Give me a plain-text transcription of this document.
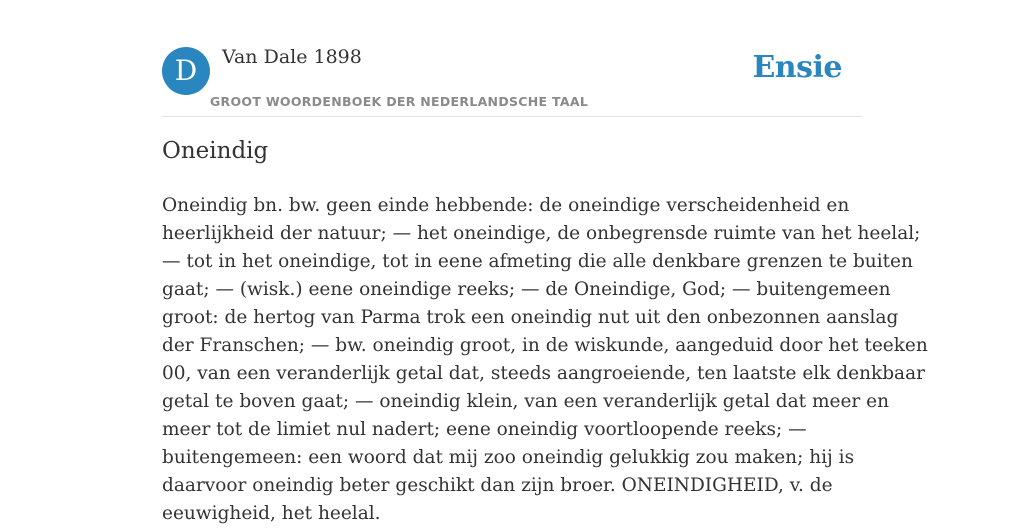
D	Van Dale 1898
GROOT WOORDENBOEK DER NEDERLANDSCHE TAAL
Ensie
Oneindig
Oneindig bn. bw. geen einde hebbende: de oneindige verscheidenheid en
heerlijkheid der natuur; — het oneindige, de onbegrensde ruimte van het heelal;
— tot in het oneindige, tot in eene afmeting die alle denkbare grenzen te buiten
gaat; — (wisk.) eene oneindige reeks; — de Oneindige, God; — buitengemeen
groot: de hertog van Parma trok een oneindig nut uit den onbezonnen aanslag
der Franschen; — bw. oneindig groot, in de wiskunde, aangeduid door het teeken
00, van een veranderlijk getal dat, steeds aangroeiende, ten laatste elk denkbaar
getal te boven gaat; — oneindig klein, van een veranderlijk getal dat meer en
meer tot de limiet nul nadert; eene oneindig voortloopende reeks; —
buitengemeen: een woord dat mij zoo oneindig gelukkig zou maken; hij is
daarvoor oneindig beter geschikt dan zijn broer. ONEINDIGHEID, v. de
eeuwigheid, het heelal.
